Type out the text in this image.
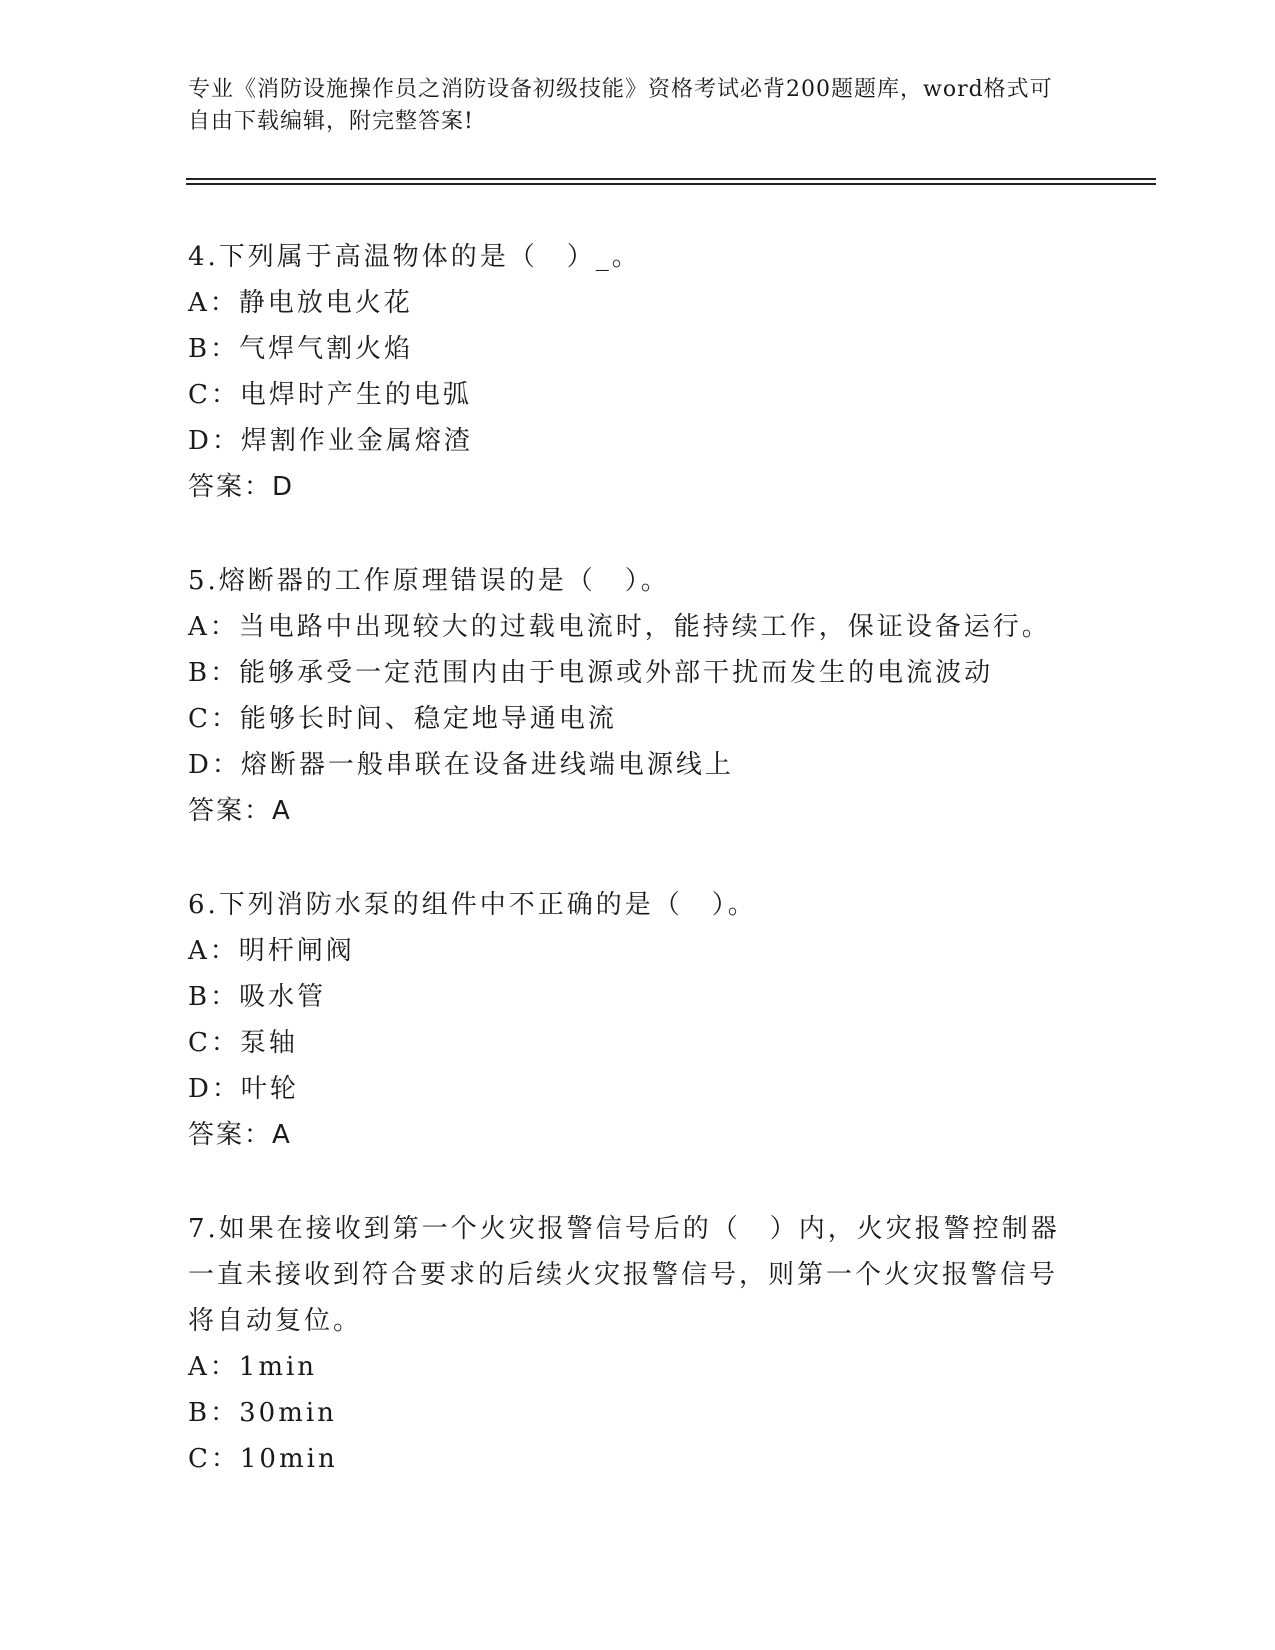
专业《消防设施操作员之消防设备初级技能》资格考试必背200题题库，word格式可自由下载编辑，附完整答案!

4.下列属于高温物体的是（　）_。
A：静电放电火花
B：气焊气割火焰
C：电焊时产生的电弧
D：焊割作业金属熔渣
答案：D
5.熔断器的工作原理错误的是（　）。
A：当电路中出现较大的过载电流时，能持续工作，保证设备运行。
B：能够承受一定范围内由于电源或外部干扰而发生的电流波动
C：能够长时间、稳定地导通电流
D：熔断器一般串联在设备进线端电源线上
答案：A
6.下列消防水泵的组件中不正确的是（　）。
A：明杆闸阀
B：吸水管
C：泵轴
D：叶轮
答案：A
7.如果在接收到第一个火灾报警信号后的（　）内，火灾报警控制器一直未接收到符合要求的后续火灾报警信号，则第一个火灾报警信号将自动复位。
A：1min
B：30min
C：10min
